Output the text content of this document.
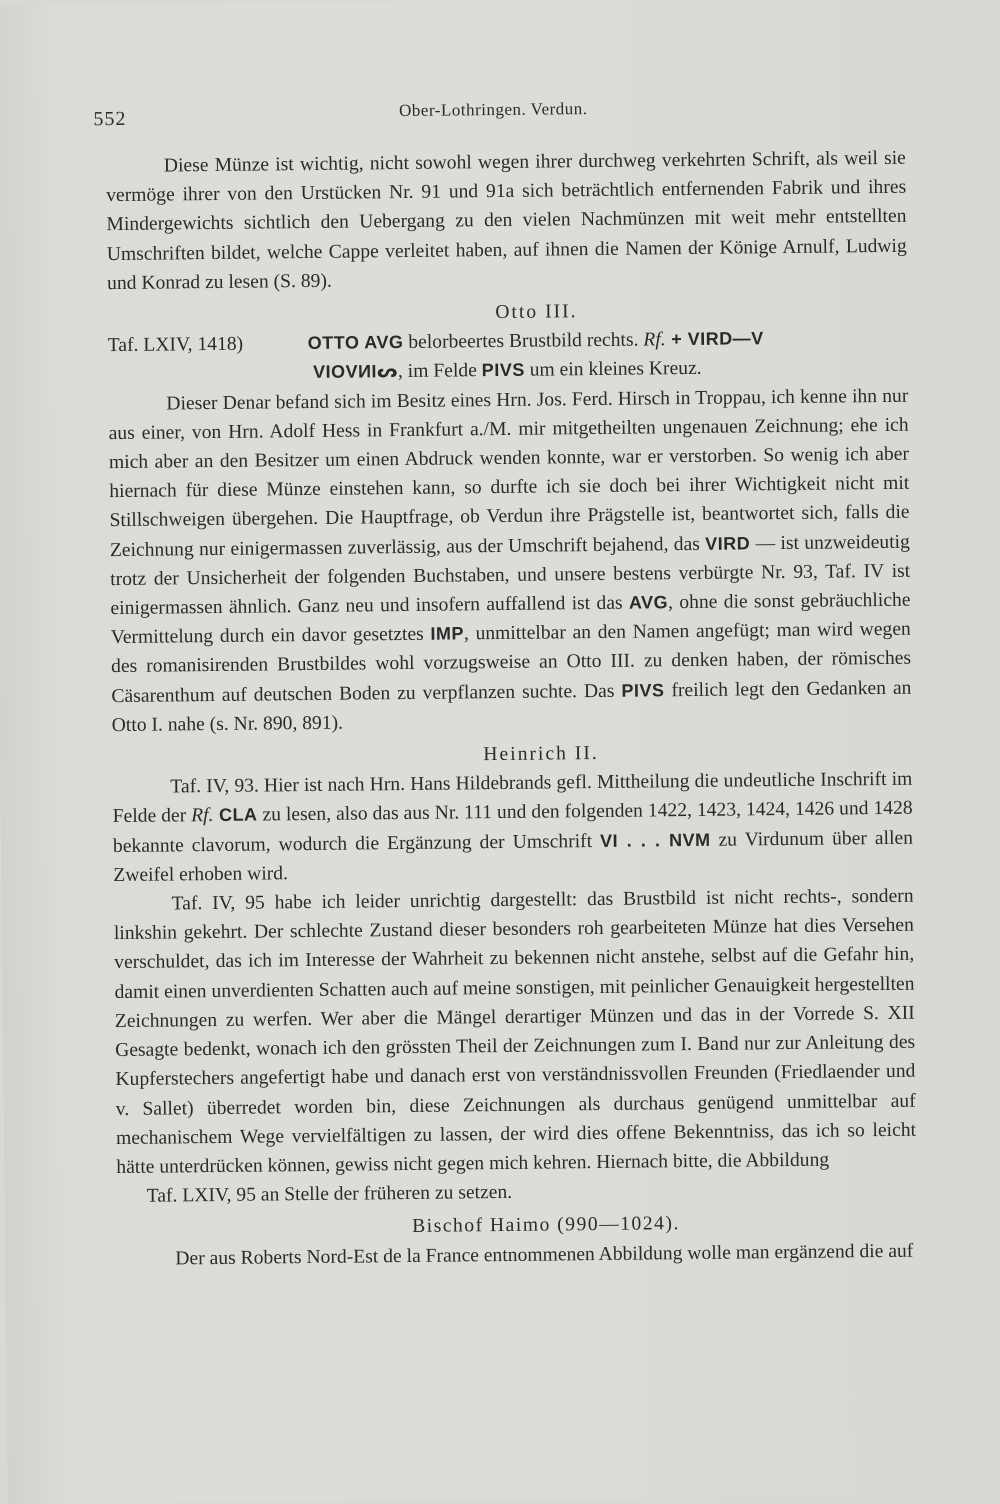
552	Ober-Lothringen. Verdun.

Diese Münze ist wichtig, nicht sowohl wegen ihrer durchweg verkehrten Schrift, als weil sie vermöge ihrer von den Urstücken Nr. 91 und 91a sich beträchtlich entfernenden Fabrik und ihres Mindergewichts sichtlich den Uebergang zu den vielen Nachmünzen mit weit mehr entstellten Umschriften bildet, welche Cappe verleitet haben, auf ihnen die Namen der Könige Arnulf, Ludwig und Konrad zu lesen (S. 89).

Otto III.

Taf. LXIV, 1418)	OTTO AVG belorbeertes Brustbild rechts. Rf. + VIRD—V
VIOVИIᔕ, im Felde PIVS um ein kleines Kreuz.

Dieser Denar befand sich im Besitz eines Hrn. Jos. Ferd. Hirsch in Troppau, ich kenne ihn nur aus einer, von Hrn. Adolf Hess in Frankfurt a./M. mir mitgetheilten ungenauen Zeichnung; ehe ich mich aber an den Besitzer um einen Abdruck wenden konnte, war er verstorben. So wenig ich aber hiernach für diese Münze einstehen kann, so durfte ich sie doch bei ihrer Wichtigkeit nicht mit Stillschweigen übergehen. Die Hauptfrage, ob Verdun ihre Prägstelle ist, beantwortet sich, falls die Zeichnung nur einigermassen zuverlässig, aus der Umschrift bejahend, das VIRD — ist unzweideutig trotz der Unsicherheit der folgenden Buchstaben, und unsere bestens verbürgte Nr. 93, Taf. IV ist einigermassen ähnlich. Ganz neu und insofern auffallend ist das AVG, ohne die sonst gebräuchliche Vermittelung durch ein davor gesetztes IMP, unmittelbar an den Namen angefügt; man wird wegen des romanisirenden Brustbildes wohl vorzugsweise an Otto III. zu denken haben, der römisches Cäsarenthum auf deutschen Boden zu verpflanzen suchte. Das PIVS freilich legt den Gedanken an Otto I. nahe (s. Nr. 890, 891).

Heinrich II.

Taf. IV, 93. Hier ist nach Hrn. Hans Hildebrands gefl. Mittheilung die undeutliche Inschrift im Felde der Rf. CLA zu lesen, also das aus Nr. 111 und den folgenden 1422, 1423, 1424, 1426 und 1428 bekannte clavorum, wodurch die Ergänzung der Umschrift VI . . . NVM zu Virdunum über allen Zweifel erhoben wird.

Taf. IV, 95 habe ich leider unrichtig dargestellt: das Brustbild ist nicht rechts-, sondern linkshin gekehrt. Der schlechte Zustand dieser besonders roh gearbeiteten Münze hat dies Versehen verschuldet, das ich im Interesse der Wahrheit zu bekennen nicht anstehe, selbst auf die Gefahr hin, damit einen unverdienten Schatten auch auf meine sonstigen, mit peinlicher Genauigkeit hergestellten Zeichnungen zu werfen. Wer aber die Mängel derartiger Münzen und das in der Vorrede S. XII Gesagte bedenkt, wonach ich den grössten Theil der Zeichnungen zum I. Band nur zur Anleitung des Kupferstechers angefertigt habe und danach erst von verständnissvollen Freunden (Friedlaender und v. Sallet) überredet worden bin, diese Zeichnungen als durchaus genügend unmittelbar auf mechanischem Wege vervielfältigen zu lassen, der wird dies offene Bekenntniss, das ich so leicht hätte unterdrücken können, gewiss nicht gegen mich kehren. Hiernach bitte, die Abbildung

Taf. LXIV, 95 an Stelle der früheren zu setzen.

Bischof Haimo (990—1024).

Der aus Roberts Nord-Est de la France entnommenen Abbildung wolle man ergänzend die auf
